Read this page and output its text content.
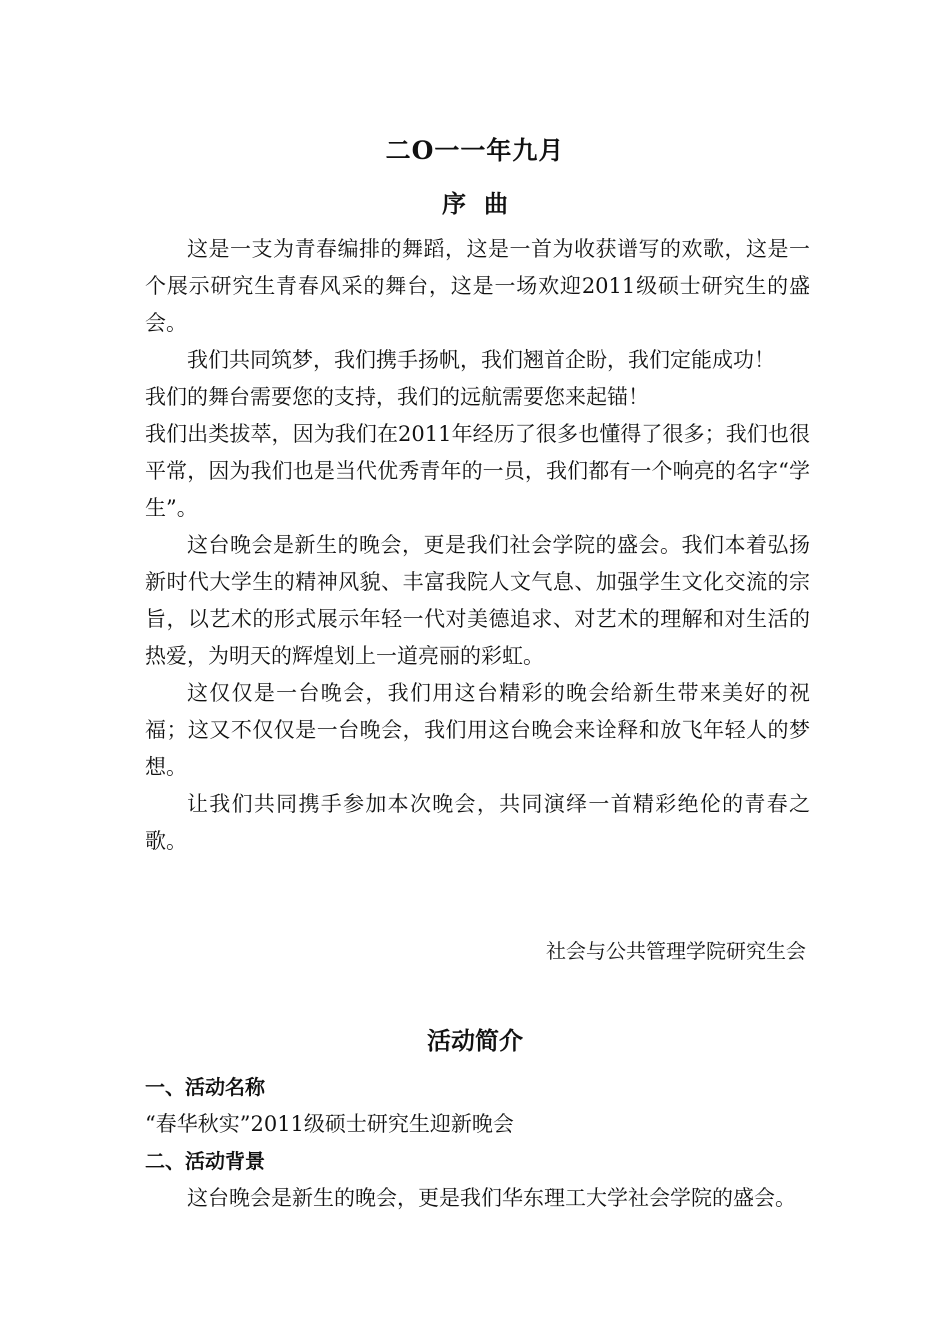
二O一一年九月
序曲

这是一支为青春编排的舞蹈，这是一首为收获谱写的欢歌，这是一个展示研究生青春风采的舞台，这是一场欢迎2011级硕士研究生的盛会。

我们共同筑梦，我们携手扬帆，我们翘首企盼，我们定能成功！

我们的舞台需要您的支持，我们的远航需要您来起锚！

我们出类拔萃，因为我们在2011年经历了很多也懂得了很多；我们也很平常，因为我们也是当代优秀青年的一员，我们都有一个响亮的名字“学生”。

这台晚会是新生的晚会，更是我们社会学院的盛会。我们本着弘扬新时代大学生的精神风貌、丰富我院人文气息、加强学生文化交流的宗旨，以艺术的形式展示年轻一代对美德追求、对艺术的理解和对生活的热爱，为明天的辉煌划上一道亮丽的彩虹。

这仅仅是一台晚会，我们用这台精彩的晚会给新生带来美好的祝福；这又不仅仅是一台晚会，我们用这台晚会来诠释和放飞年轻人的梦想。

让我们共同携手参加本次晚会，共同演绎一首精彩绝伦的青春之歌。

社会与公共管理学院研究生会
活动简介

一、活动名称

“春华秋实”2011级硕士研究生迎新晚会

二、活动背景

这台晚会是新生的晚会，更是我们华东理工大学社会学院的盛会。
